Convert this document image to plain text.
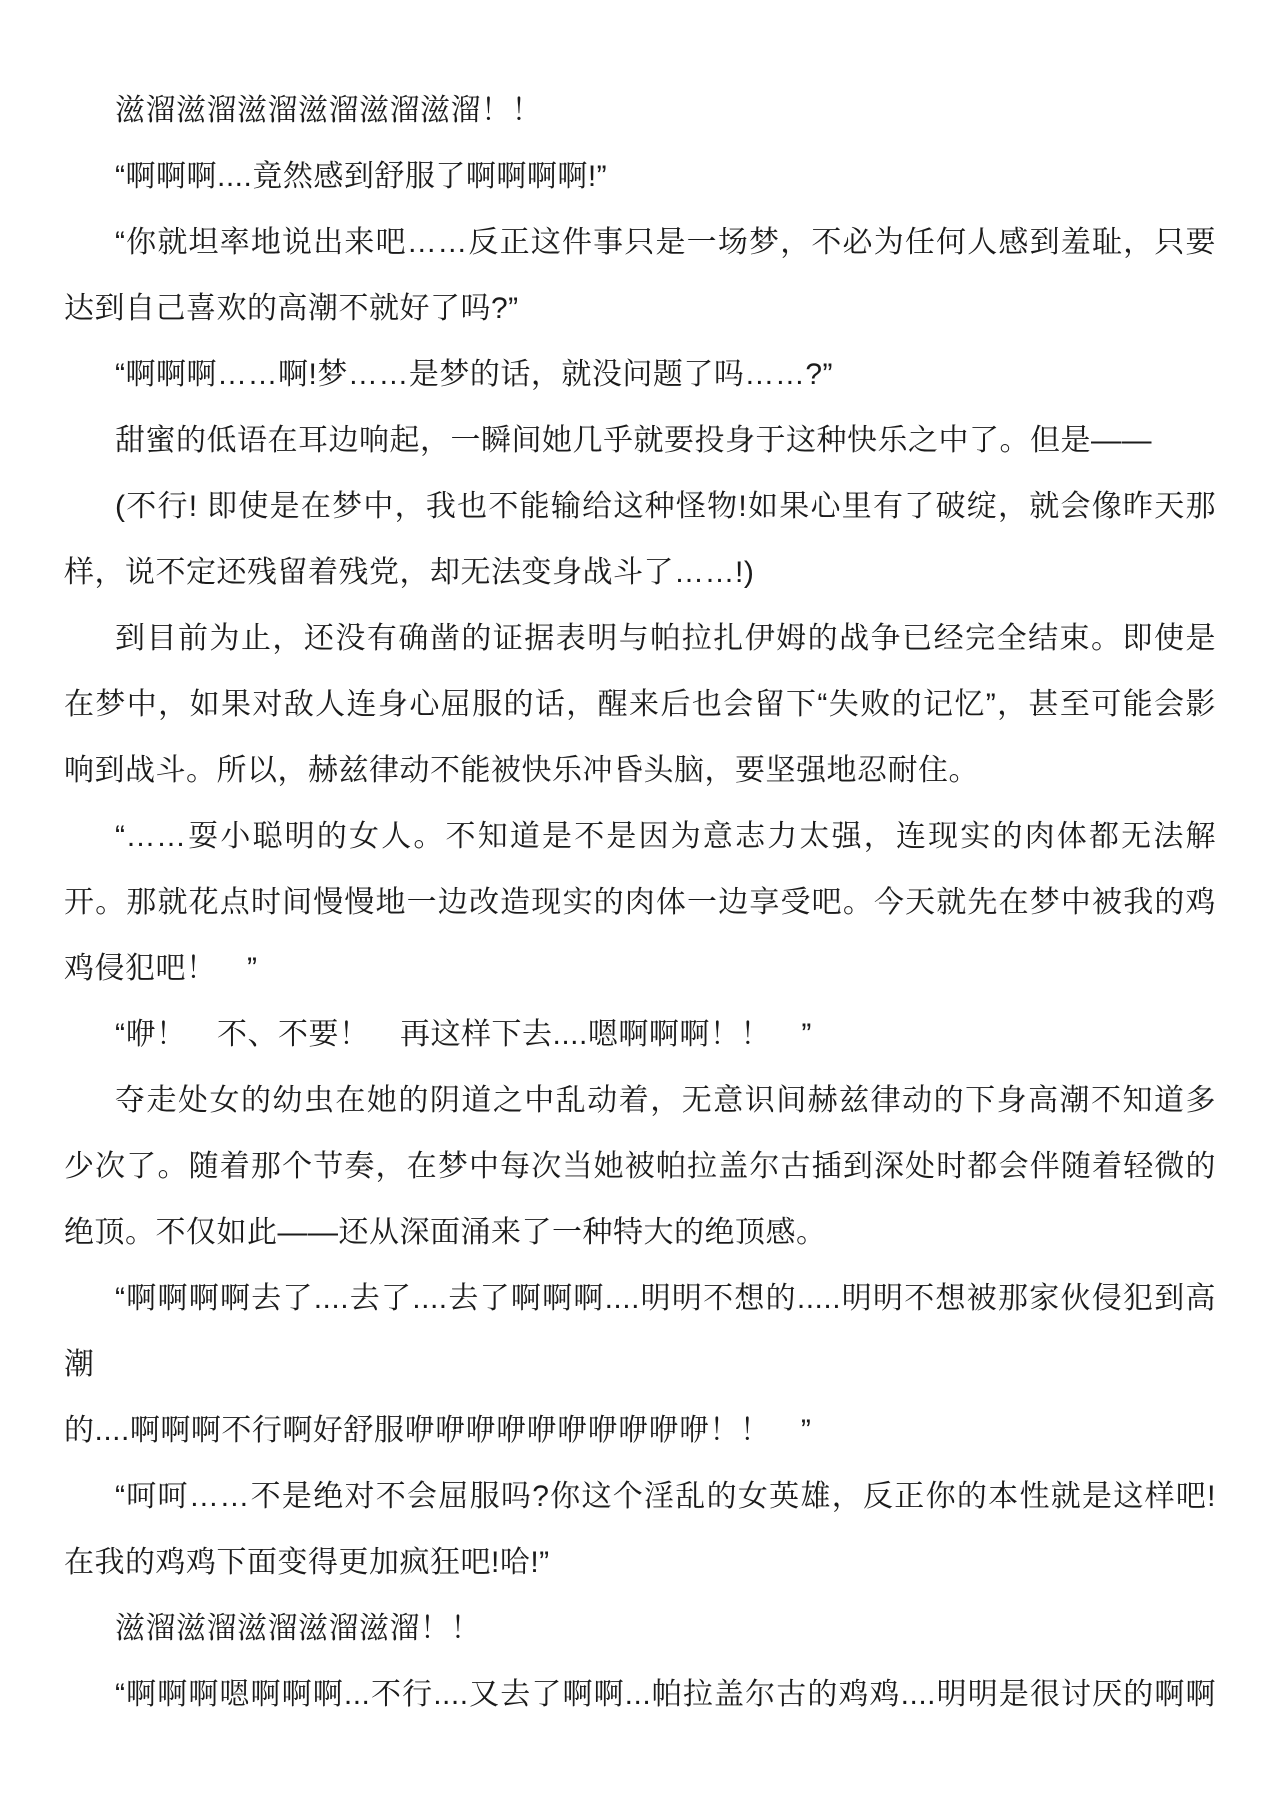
滋溜滋溜滋溜滋溜滋溜滋溜！！
“啊啊啊....竟然感到舒服了啊啊啊啊!”
“你就坦率地说出来吧……反正这件事只是一场梦，不必为任何人感到羞耻，只要
达到自己喜欢的高潮不就好了吗?”
“啊啊啊……啊!梦……是梦的话，就没问题了吗……?”
甜蜜的低语在耳边响起，一瞬间她几乎就要投身于这种快乐之中了。但是——
(不行! 即使是在梦中，我也不能输给这种怪物!如果心里有了破绽，就会像昨天那
样，说不定还残留着残党，却无法变身战斗了……!)
到目前为止，还没有确凿的证据表明与帕拉扎伊姆的战争已经完全结束。即使是
在梦中，如果对敌人连身心屈服的话，醒来后也会留下“失败的记忆”，甚至可能会影
响到战斗。所以，赫兹律动不能被快乐冲昏头脑，要坚强地忍耐住。
“……耍小聪明的女人。不知道是不是因为意志力太强，连现实的肉体都无法解
开。那就花点时间慢慢地一边改造现实的肉体一边享受吧。今天就先在梦中被我的鸡
鸡侵犯吧！　”
“咿！　不、不要！　再这样下去....嗯啊啊啊！！　”
夺走处女的幼虫在她的阴道之中乱动着，无意识间赫兹律动的下身高潮不知道多
少次了。随着那个节奏，在梦中每次当她被帕拉盖尔古插到深处时都会伴随着轻微的
绝顶。不仅如此——还从深面涌来了一种特大的绝顶感。
“啊啊啊啊去了....去了....去了啊啊啊....明明不想的.....明明不想被那家伙侵犯到高潮
的....啊啊啊不行啊好舒服咿咿咿咿咿咿咿咿咿咿！！　”
“呵呵……不是绝对不会屈服吗?你这个淫乱的女英雄，反正你的本性就是这样吧!
在我的鸡鸡下面变得更加疯狂吧!哈!”
滋溜滋溜滋溜滋溜滋溜！！
“啊啊啊嗯啊啊啊...不行....又去了啊啊...帕拉盖尔古的鸡鸡....明明是很讨厌的啊啊
